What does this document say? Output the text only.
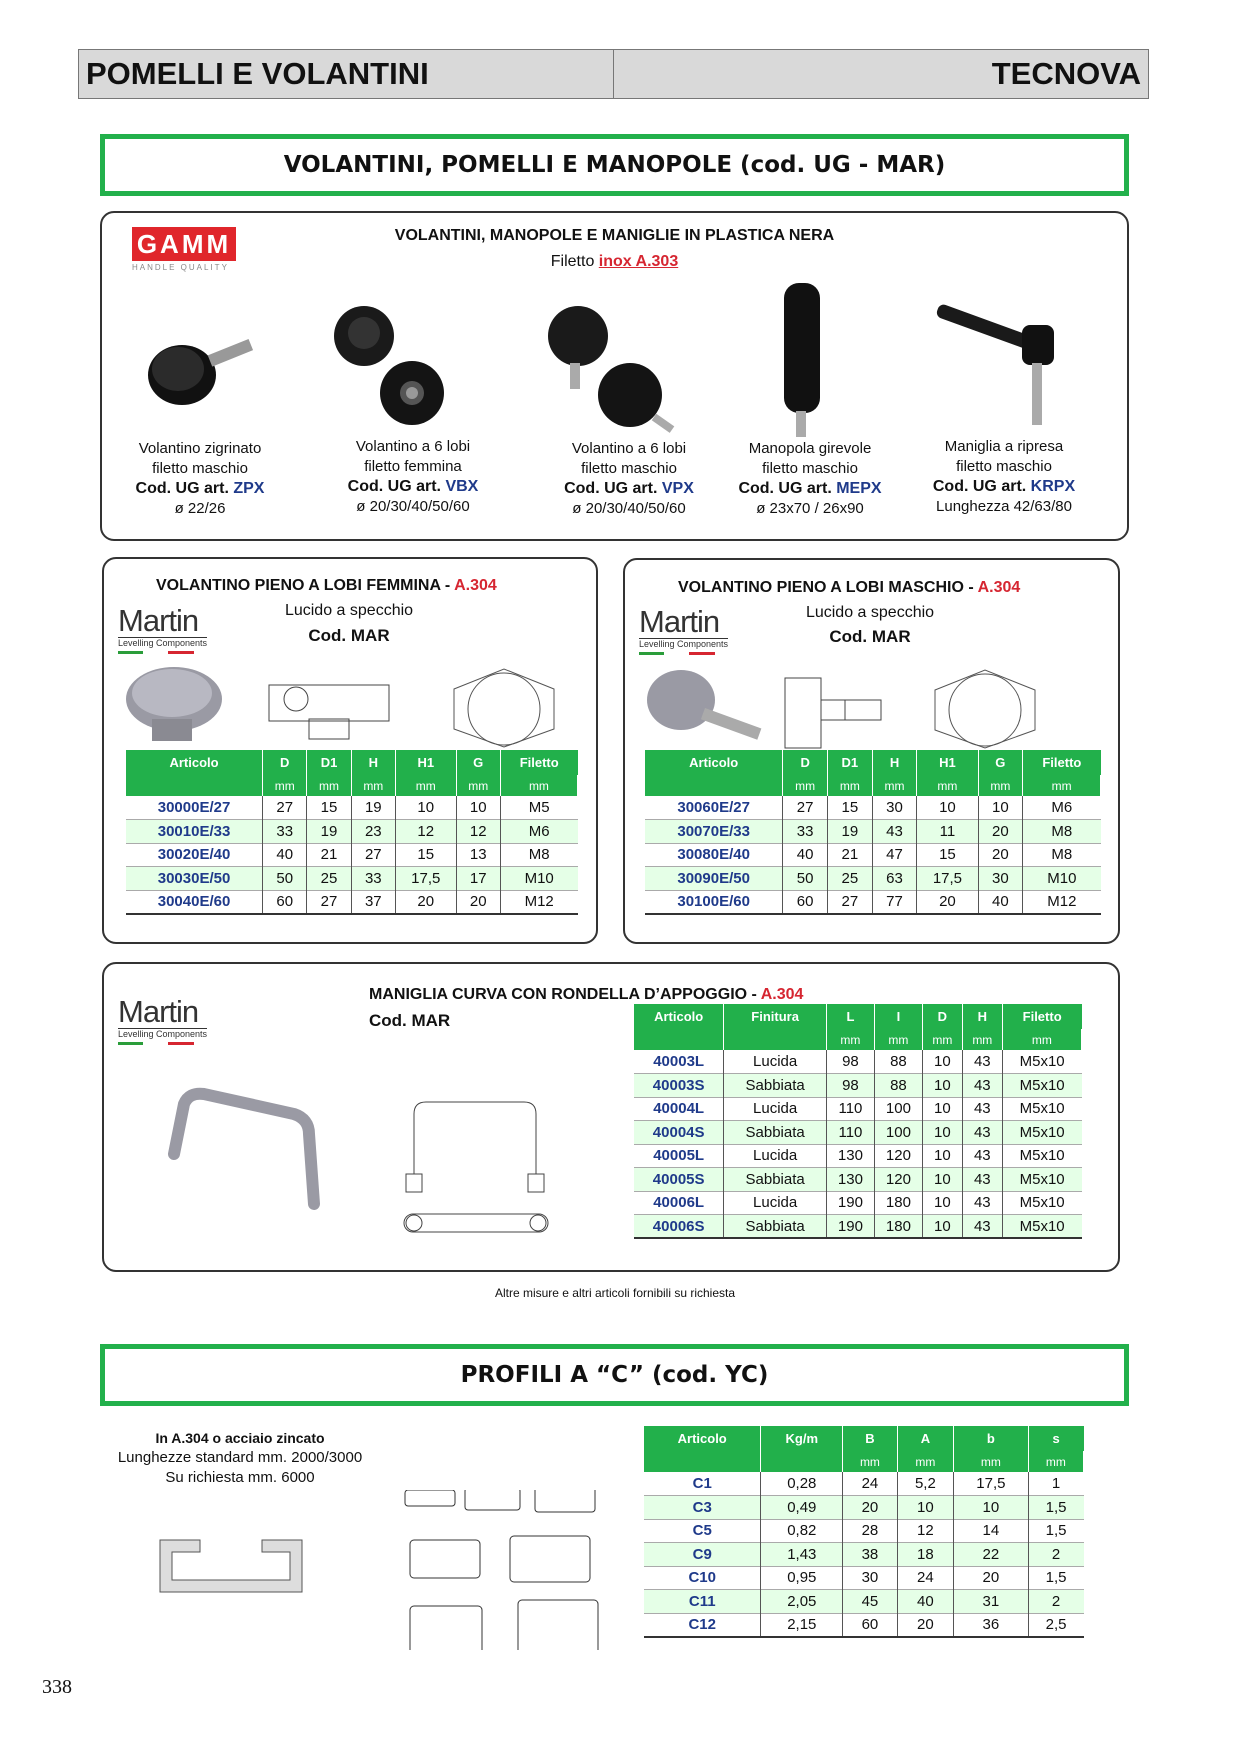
POMELLI E VOLANTINI	TECNOVA
VOLANTINI, POMELLI E MANOPOLE (cod. UG - MAR)
GAMM
HANDLE QUALITY
VOLANTINI, MANOPOLE E MANIGLIE IN PLASTICA NERA
Filetto inox A.303
Volantino zigrinato
filetto maschio
Cod. UG art. ZPX
ø 22/26
Volantino a 6 lobi
filetto femmina
Cod. UG art. VBX
ø 20/30/40/50/60
Volantino a 6 lobi
filetto maschio
Cod. UG art. VPX
ø 20/30/40/50/60
Manopola girevole
filetto maschio
Cod. UG art. MEPX
ø 23x70 / 26x90
Maniglia a ripresa
filetto maschio
Cod. UG art. KRPX
Lunghezza 42/63/80
VOLANTINO PIENO A LOBI FEMMINA - A.304
Lucido a specchio
Cod. MAR
Martin
Levelling Components
Articolo	D	D1	H	H1	G	Filetto
	mm	mm	mm	mm	mm	mm
30000E/27	27	15	19	10	10	M5
30010E/33	33	19	23	12	12	M6
30020E/40	40	21	27	15	13	M8
30030E/50	50	25	33	17,5	17	M10
30040E/60	60	27	37	20	20	M12
VOLANTINO PIENO A LOBI MASCHIO - A.304
Lucido a specchio
Cod. MAR
Martin
Levelling Components
Articolo	D	D1	H	H1	G	Filetto
	mm	mm	mm	mm	mm	mm
30060E/27	27	15	30	10	10	M6
30070E/33	33	19	43	11	20	M8
30080E/40	40	21	47	15	20	M8
30090E/50	50	25	63	17,5	30	M10
30100E/60	60	27	77	20	40	M12
MANIGLIA CURVA CON RONDELLA D’APPOGGIO - A.304
Cod. MAR
Martin
Levelling Components
Articolo	Finitura	L	I	D	H	Filetto
		mm	mm	mm	mm	mm
40003L	Lucida	98	88	10	43	M5x10
40003S	Sabbiata	98	88	10	43	M5x10
40004L	Lucida	110	100	10	43	M5x10
40004S	Sabbiata	110	100	10	43	M5x10
40005L	Lucida	130	120	10	43	M5x10
40005S	Sabbiata	130	120	10	43	M5x10
40006L	Lucida	190	180	10	43	M5x10
40006S	Sabbiata	190	180	10	43	M5x10
Altre misure e altri articoli fornibili su richiesta
PROFILI A “C” (cod. YC)
In A.304 o acciaio zincato
Lunghezze standard mm. 2000/3000
Su richiesta mm. 6000
Articolo	Kg/m	B	A	b	s
		mm	mm	mm	mm
C1	0,28	24	5,2	17,5	1
C3	0,49	20	10	10	1,5
C5	0,82	28	12	14	1,5
C9	1,43	38	18	22	2
C10	0,95	30	24	20	1,5
C11	2,05	45	40	31	2
C12	2,15	60	20	36	2,5
338
